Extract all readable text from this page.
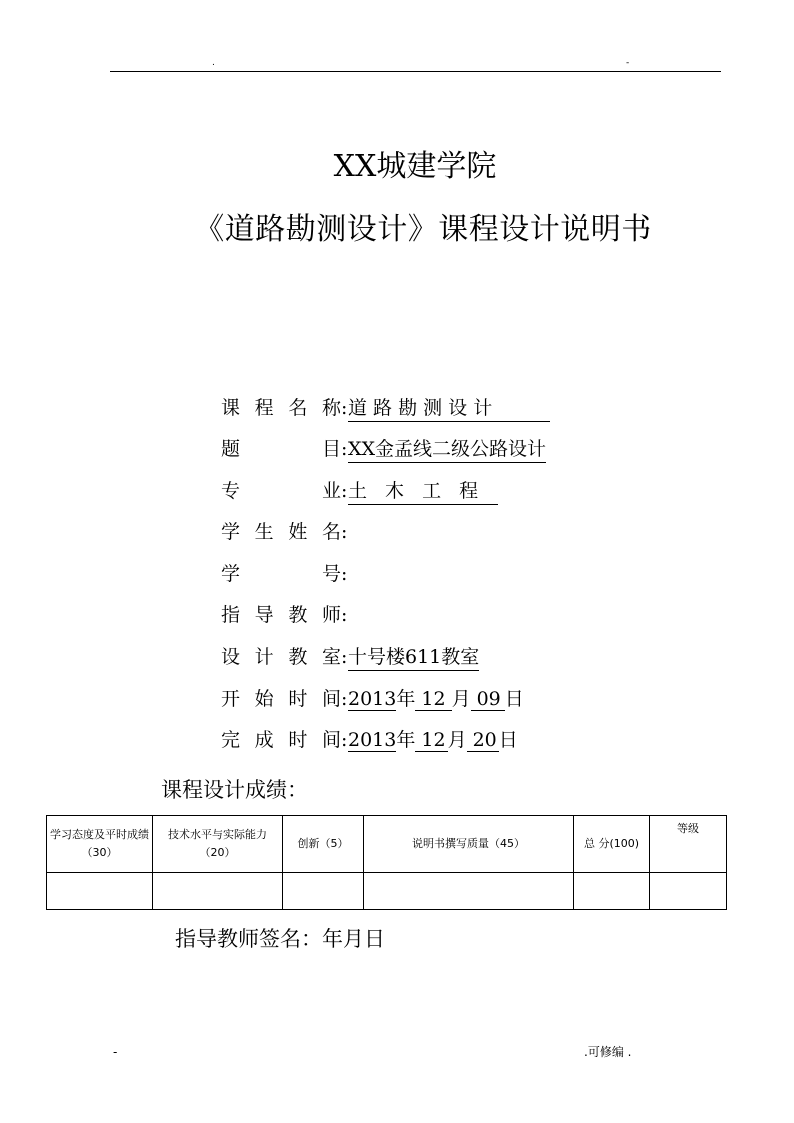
.	-
XX城建学院
《道路勘测设计》课程设计说明书
课 程 名 称 : 道 路 勘 测 设 计
题	目 : XX金孟线二级公路设计
专	业 : 土 木 工 程
学 生 姓 名 :
学	号 :
指 导 教 师 :
设 计 教 室 : 十号楼611教室
开 始 时 间 : 2013年 12 月 09 日
完 成 时 间 : 2013年 12 月 20 日
课程设计成绩：
学习态度及平时成绩（30）	技术水平与实际能力（20）	创新（5）	说明书撰写质量（45）	总 分(100)	等级

指导教师签名：年月日
-	.可修编 .
